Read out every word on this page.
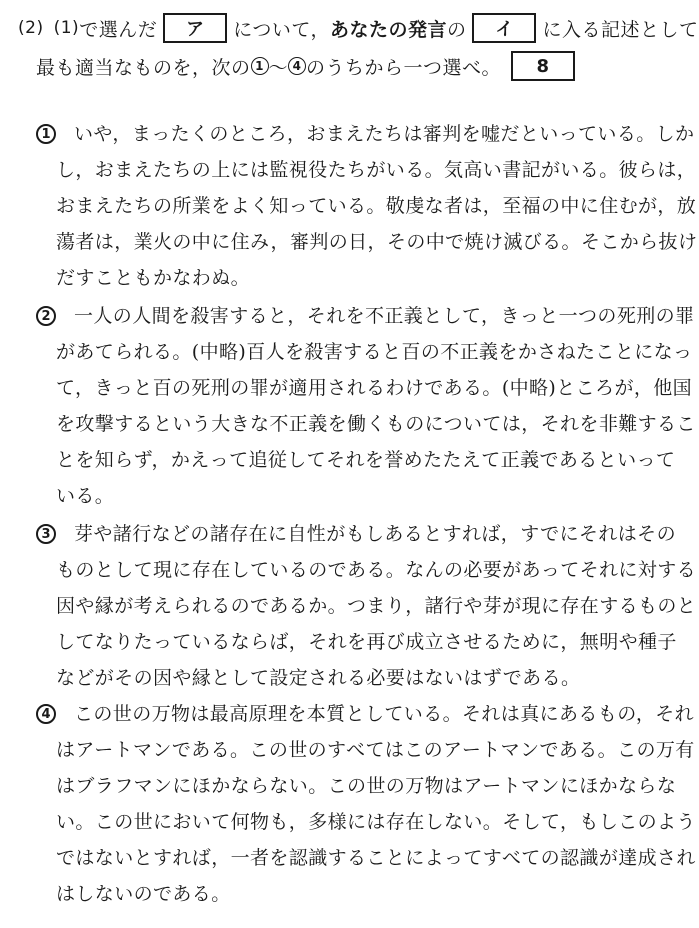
(2) (1) で選んだ	ア	について， あなたの発言 の	イ	に入る記述として
最も適当なものを，次の 1 〜 4 のうちから一つ選べ。	8
1 いや，まったくのところ，おまえたちは審判を嘘だといっている。しか
し，おまえたちの上には監視役たちがいる。気高い書記がいる。彼らは，
おまえたちの所業をよく知っている。敬虔な者は，至福の中に住むが，放
蕩者は，業火の中に住み，審判の日，その中で焼け滅びる。そこから抜け
だすこともかなわぬ。
2 一人の人間を殺害すると，それを不正義として，きっと一つの死刑の罪
があてられる。(中略)百人を殺害すると百の不正義をかさねたことになっ
て，きっと百の死刑の罪が適用されるわけである。(中略)ところが，他国
を攻撃するという大きな不正義を働くものについては，それを非難するこ
とを知らず，かえって追従してそれを誉めたたえて正義であるといって
いる。
3 芽や諸行などの諸存在に自性がもしあるとすれば，すでにそれはその
ものとして現に存在しているのである。なんの必要があってそれに対する
因や縁が考えられるのであるか。つまり，諸行や芽が現に存在するものと
してなりたっているならば，それを再び成立させるために，無明や種子
などがその因や縁として設定される必要はないはずである。
4 この世の万物は最高原理を本質としている。それは真にあるもの，それ
はアートマンである。この世のすべてはこのアートマンである。この万有
はブラフマンにほかならない。この世の万物はアートマンにほかならな
い。この世において何物も，多様には存在しない。そして，もしこのよう
ではないとすれば，一者を認識することによってすべての認識が達成され
はしないのである。
